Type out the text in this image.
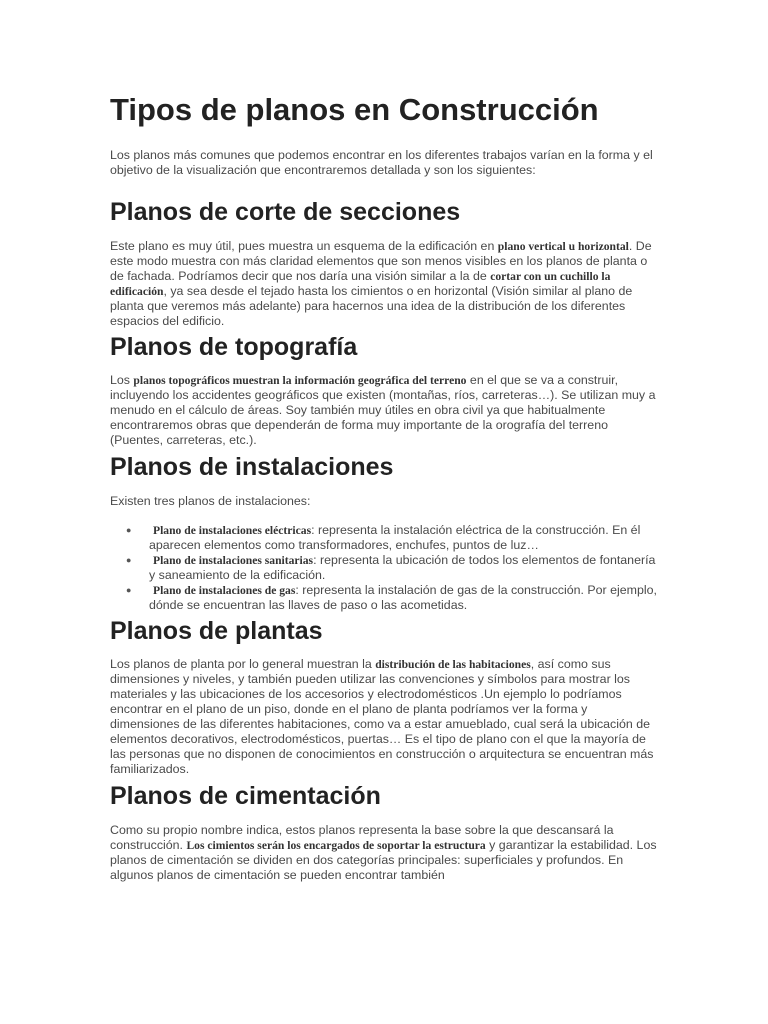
Tipos de planos en Construcción

Los planos más comunes que podemos encontrar en los diferentes trabajos varían en la forma y el objetivo de la visualización que encontraremos detallada y son los siguientes:

Planos de corte de secciones

Este plano es muy útil, pues muestra un esquema de la edificación en plano vertical u horizontal. De este modo muestra con más claridad elementos que son menos visibles en los planos de planta o de fachada. Podríamos decir que nos daría una visión similar a la de cortar con un cuchillo la edificación, ya sea desde el tejado hasta los cimientos o en horizontal (Visión similar al plano de planta que veremos más adelante) para hacernos una idea de la distribución de los diferentes espacios del edificio.

Planos de topografía

Los planos topográficos muestran la información geográfica del terreno en el que se va a construir, incluyendo los accidentes geográficos que existen (montañas, ríos, carreteras…). Se utilizan muy a menudo en el cálculo de áreas. Soy también muy útiles en obra civil ya que habitualmente encontraremos obras que dependerán de forma muy importante de la orografía del terreno (Puentes, carreteras, etc.).

Planos de instalaciones

Existen tres planos de instalaciones:

● Plano de instalaciones eléctricas: representa la instalación eléctrica de la construcción. En él aparecen elementos como transformadores, enchufes, puntos de luz…
● Plano de instalaciones sanitarias: representa la ubicación de todos los elementos de fontanería y saneamiento de la edificación.
● Plano de instalaciones de gas: representa la instalación de gas de la construcción. Por ejemplo, dónde se encuentran las llaves de paso o las acometidas.
Planos de plantas

Los planos de planta por lo general muestran la distribución de las habitaciones, así como sus dimensiones y niveles, y también pueden utilizar las convenciones y símbolos para mostrar los materiales y las ubicaciones de los accesorios y electrodomésticos .Un ejemplo lo podríamos encontrar en el plano de un piso, donde en el plano de planta podríamos ver la forma y dimensiones de las diferentes habitaciones, como va a estar amueblado, cual será la ubicación de elementos decorativos, electrodomésticos, puertas… Es el tipo de plano con el que la mayoría de las personas que no disponen de conocimientos en construcción o arquitectura se encuentran más familiarizados.

Planos de cimentación

Como su propio nombre indica, estos planos representa la base sobre la que descansará la construcción. Los cimientos serán los encargados de soportar la estructura y garantizar la estabilidad. Los planos de cimentación se dividen en dos categorías principales: superficiales y profundos. En algunos planos de cimentación se pueden encontrar también
